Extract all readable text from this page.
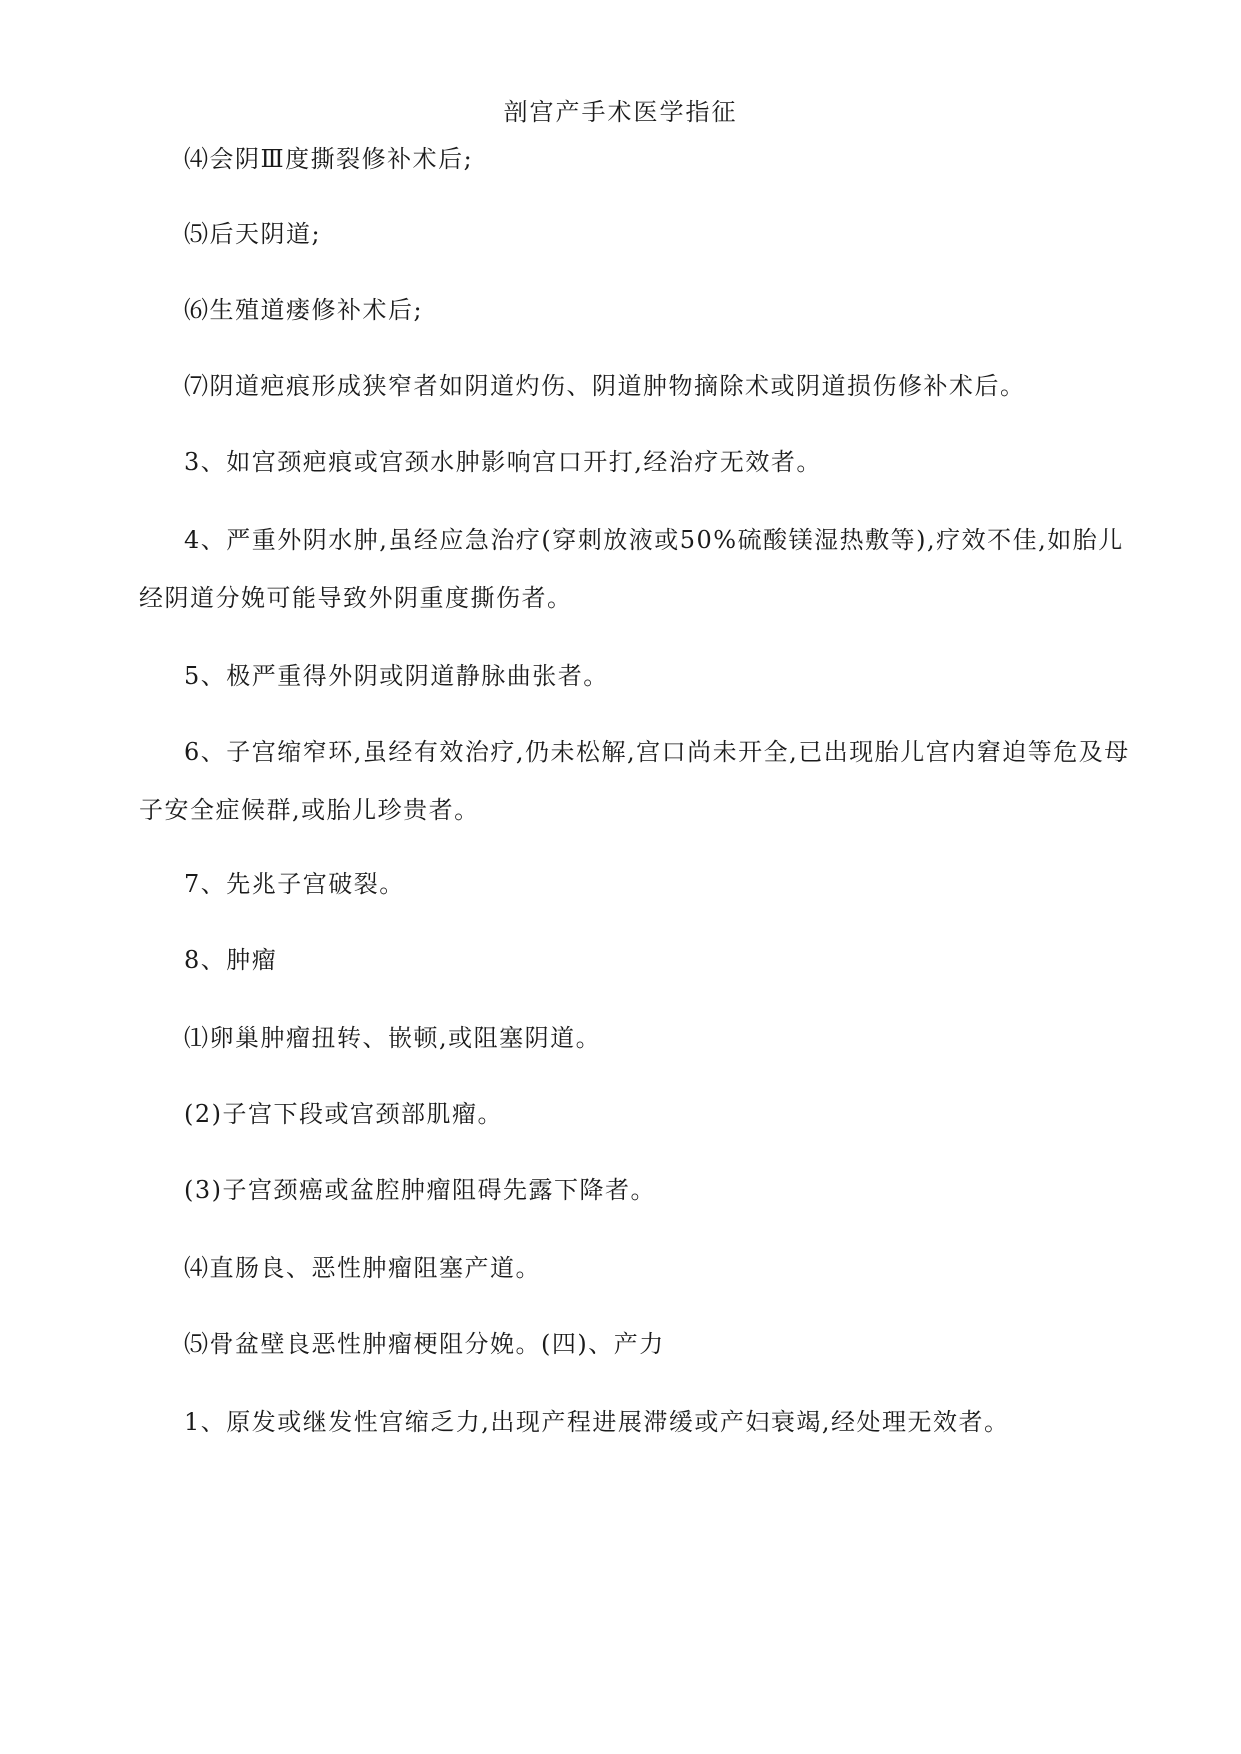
剖宫产手术医学指征
⑷会阴Ⅲ度撕裂修补术后;
⑸后天阴道;
⑹生殖道瘘修补术后;
⑺阴道疤痕形成狭窄者如阴道灼伤、阴道肿物摘除术或阴道损伤修补术后。
3、如宫颈疤痕或宫颈水肿影响宫口开打,经治疗无效者。
4、严重外阴水肿,虽经应急治疗(穿刺放液或50%硫酸镁湿热敷等),疗效不佳,如胎儿
经阴道分娩可能导致外阴重度撕伤者。
5、极严重得外阴或阴道静脉曲张者。
6、子宫缩窄环,虽经有效治疗,仍未松解,宫口尚未开全,已出现胎儿宫内窘迫等危及母
子安全症候群,或胎儿珍贵者。
7、先兆子宫破裂。
8、肿瘤
⑴卵巢肿瘤扭转、嵌顿,或阻塞阴道。
(2)子宫下段或宫颈部肌瘤。
(3)子宫颈癌或盆腔肿瘤阻碍先露下降者。
⑷直肠良、恶性肿瘤阻塞产道。
⑸骨盆壁良恶性肿瘤梗阻分娩。(四)、产力
1、原发或继发性宫缩乏力,出现产程进展滞缓或产妇衰竭,经处理无效者。
